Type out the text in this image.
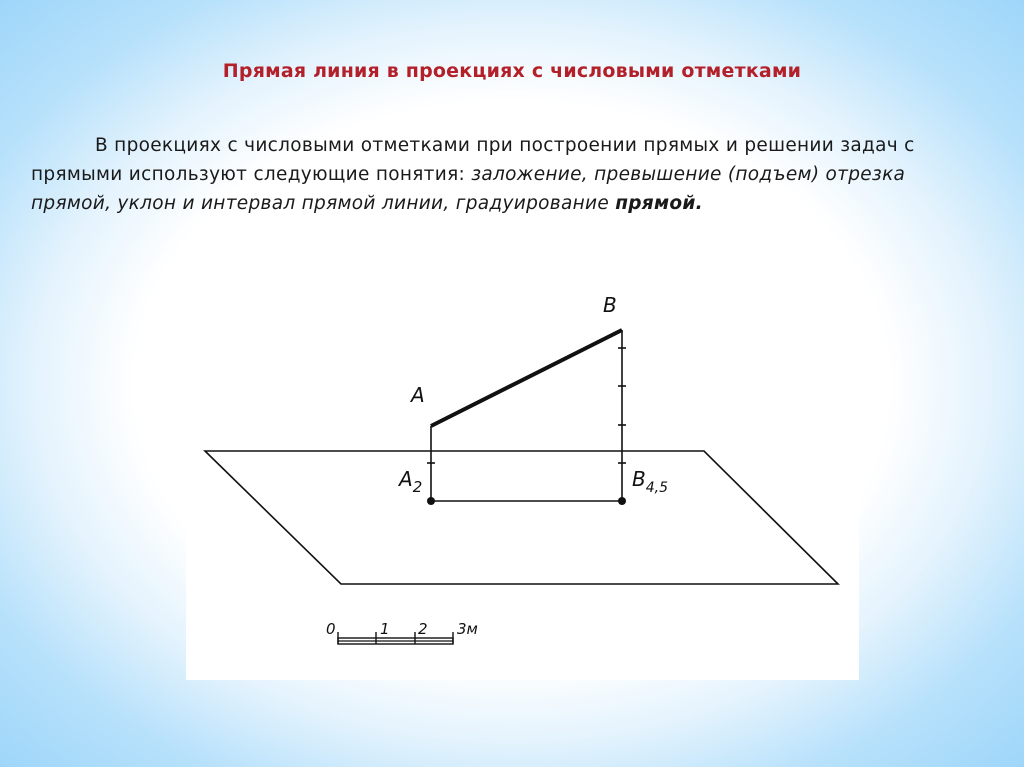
Прямая линия в проекциях с числовыми отметками
В проекциях с числовыми отметками при построении прямых и решении задач с прямыми используют следующие понятия: заложение, превышение (подъем) отрезка прямой, уклон и интервал прямой линии, градуирование прямой.
A
B
$A_2$	$B_{4,5}$
0	1 2 3м
